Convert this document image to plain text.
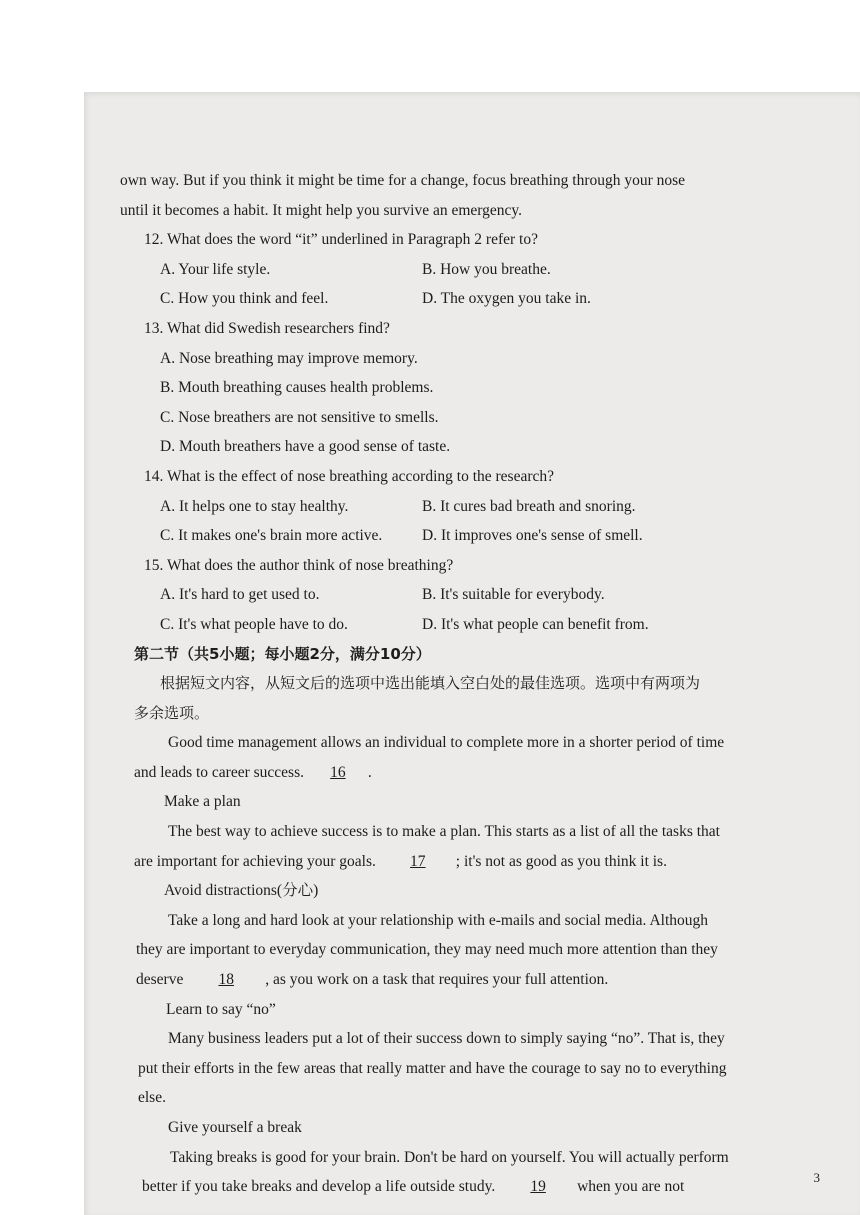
own way. But if you think it might be time for a change, focus breathing through your nose
until it becomes a habit. It might help you survive an emergency.
12. What does the word “it” underlined in Paragraph 2 refer to?
A. Your life style.	B. How you breathe.
C. How you think and feel.	D. The oxygen you take in.
13. What did Swedish researchers find?
A. Nose breathing may improve memory.
B. Mouth breathing causes health problems.
C. Nose breathers are not sensitive to smells.
D. Mouth breathers have a good sense of taste.
14. What is the effect of nose breathing according to the research?
A. It helps one to stay healthy.	B. It cures bad breath and snoring.
C. It makes one's brain more active.	D. It improves one's sense of smell.
15. What does the author think of nose breathing?
A. It's hard to get used to.	B. It's suitable for everybody.
C. It's what people have to do.	D. It's what people can benefit from.
第二节（共5小题；每小题2分，满分10分）
根据短文内容，从短文后的选项中选出能填入空白处的最佳选项。选项中有两项为
多余选项。
Good time management allows an individual to complete more in a shorter period of time
and leads to career success. 16 .
Make a plan
The best way to achieve success is to make a plan. This starts as a list of all the tasks that
are important for achieving your goals. 17 ; it's not as good as you think it is.
Avoid distractions(分心)
Take a long and hard look at your relationship with e-mails and social media. Although
they are important to everyday communication, they may need much more attention than they
deserve 18 , as you work on a task that requires your full attention.
Learn to say “no”
Many business leaders put a lot of their success down to simply saying “no”. That is, they
put their efforts in the few areas that really matter and have the courage to say no to everything
else.
Give yourself a break
Taking breaks is good for your brain. Don't be hard on yourself. You will actually perform
better if you take breaks and develop a life outside study. 19 when you are not
3
